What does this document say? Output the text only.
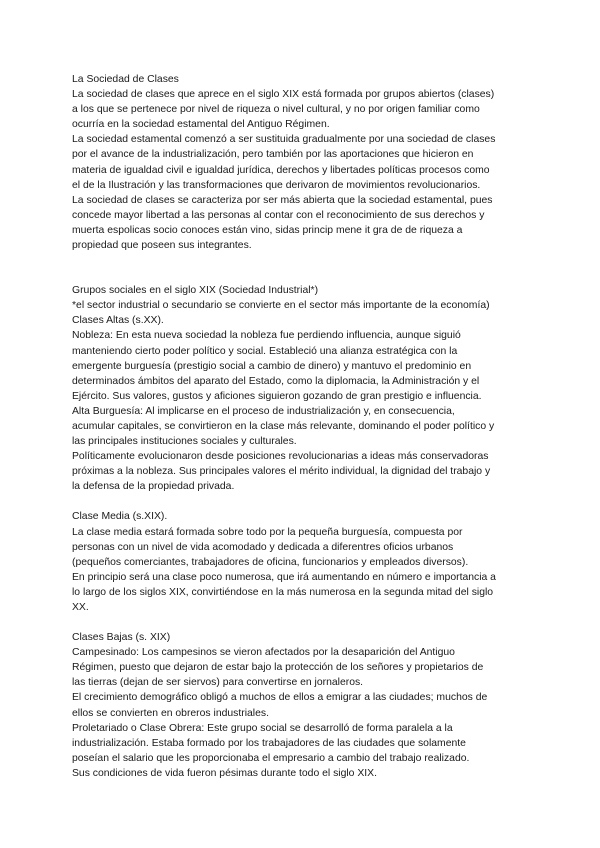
La Sociedad de Clases

La sociedad de clases que aprece en el siglo XIX está formada por grupos abiertos (clases)

a los que se pertenece por nivel de riqueza o nivel cultural, y no por origen familiar como

ocurría en la sociedad estamental del Antiguo Régimen.

La sociedad estamental comenzó a ser sustituida gradualmente por una sociedad de clases

por el avance de la industrialización, pero también por las aportaciones que hicieron en

materia de igualdad civil e igualdad jurídica, derechos y libertades políticas procesos como

el de la Ilustración y las transformaciones que derivaron de movimientos revolucionarios.

La sociedad de clases se caracteriza por ser más abierta que la sociedad estamental, pues

concede mayor libertad a las personas al contar con el reconocimiento de sus derechos y

muerta espolicas socio conoces están vino, sidas princip mene it gra de de riqueza a

propiedad que poseen sus integrantes.

Grupos sociales en el siglo XIX (Sociedad Industrial*)

*el sector industrial o secundario se convierte en el sector más importante de la economía)

Clases Altas (s.XX).

Nobleza: En esta nueva sociedad la nobleza fue perdiendo influencia, aunque siguió

manteniendo cierto poder político y social. Estableció una alianza estratégica con la

emergente burguesía (prestigio social a cambio de dinero) y mantuvo el predominio en

determinados ámbitos del aparato del Estado, como la diplomacia, la Administración y el

Ejército. Sus valores, gustos y aficiones siguieron gozando de gran prestigio e influencia.

Alta Burguesía: Al implicarse en el proceso de industrialización y, en consecuencia,

acumular capitales, se convirtieron en la clase más relevante, dominando el poder político y

las principales instituciones sociales y culturales.

Políticamente evolucionaron desde posiciones revolucionarias a ideas más conservadoras

próximas a la nobleza. Sus principales valores el mérito individual, la dignidad del trabajo y

la defensa de la propiedad privada.

Clase Media (s.XIX).

La clase media estará formada sobre todo por la pequeña burguesía, compuesta por

personas con un nivel de vida acomodado y dedicada a diferentres oficios urbanos

(pequeños comerciantes, trabajadores de oficina, funcionarios y empleados diversos).

En principio será una clase poco numerosa, que irá aumentando en número e importancia a

lo largo de los siglos XIX, convirtiéndose en la más numerosa en la segunda mitad del siglo

XX.

Clases Bajas (s. XIX)

Campesinado: Los campesinos se vieron afectados por la desaparición del Antiguo

Régimen, puesto que dejaron de estar bajo la protección de los señores y propietarios de

las tierras (dejan de ser siervos) para convertirse en jornaleros.

El crecimiento demográfico obligó a muchos de ellos a emigrar a las ciudades; muchos de

ellos se convierten en obreros industriales.

Proletariado o Clase Obrera: Este grupo social se desarrolló de forma paralela a la

industrialización. Estaba formado por los trabajadores de las ciudades que solamente

poseían el salario que les proporcionaba el empresario a cambio del trabajo realizado.

Sus condiciones de vida fueron pésimas durante todo el siglo XIX.
